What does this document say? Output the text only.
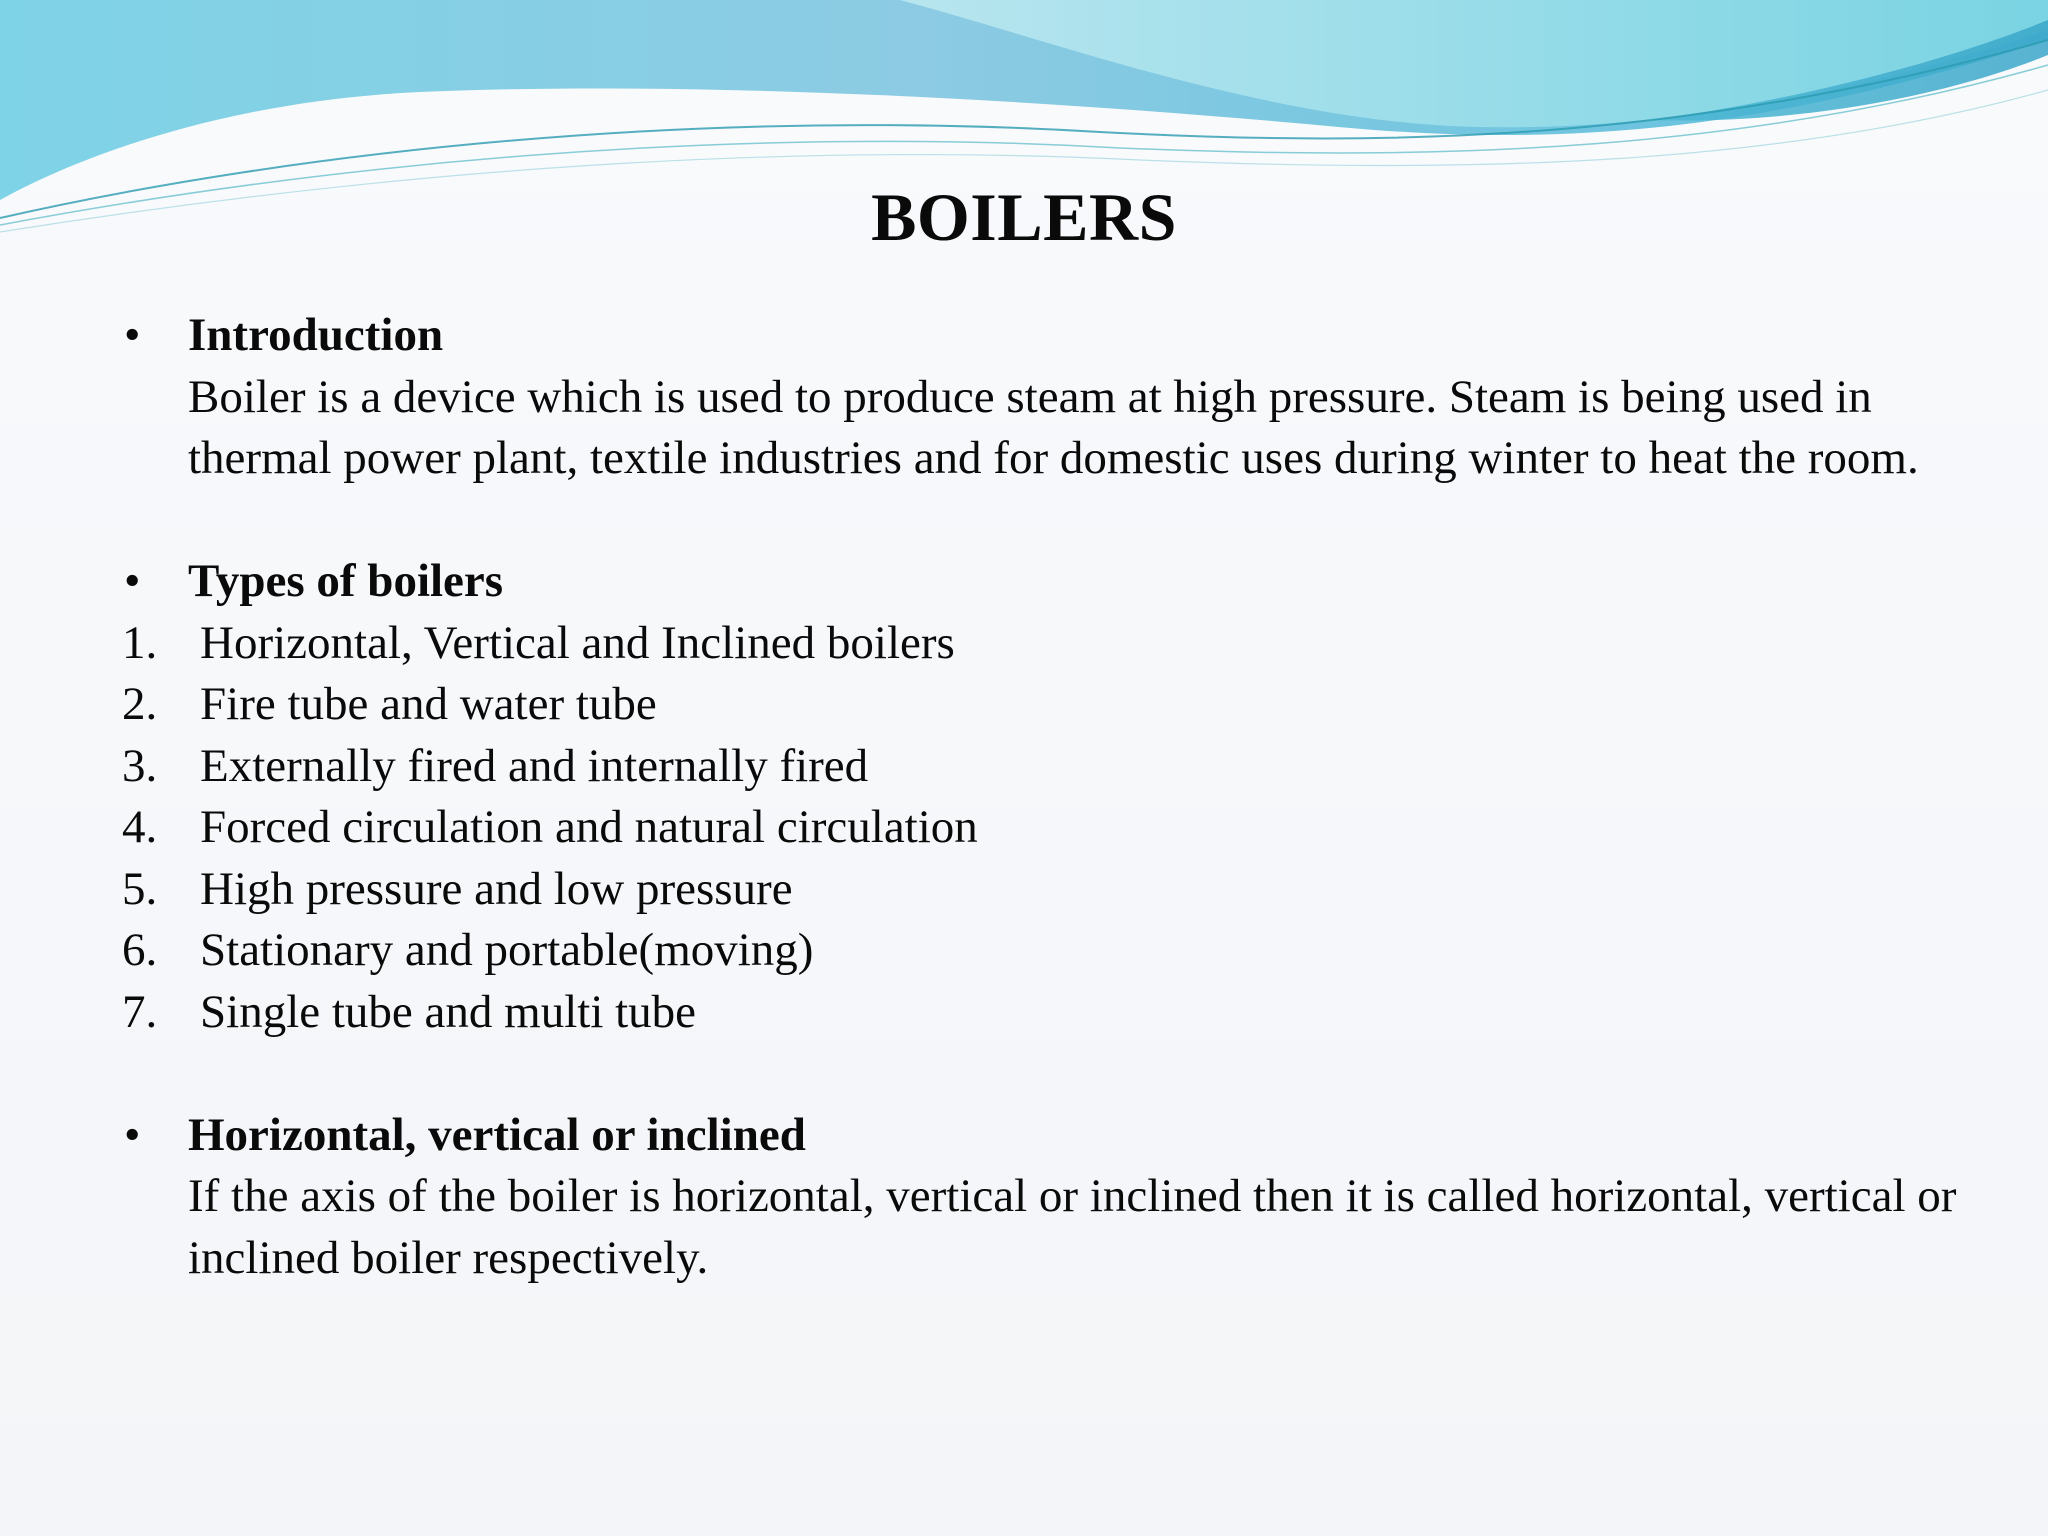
BOILERS
•	Introduction
Boiler is a device which is used to produce steam at high pressure. Steam is being used in thermal power plant, textile industries and for domestic uses during winter to heat the room.
•	Types of boilers
1. Horizontal, Vertical and Inclined boilers
2. Fire tube and water tube
3. Externally fired and internally fired
4. Forced circulation and natural circulation
5. High pressure and low pressure
6. Stationary and portable(moving)
7. Single tube and multi tube
•	Horizontal, vertical or inclined
If the axis of the boiler is horizontal, vertical or inclined then it is called horizontal, vertical or inclined boiler respectively.
